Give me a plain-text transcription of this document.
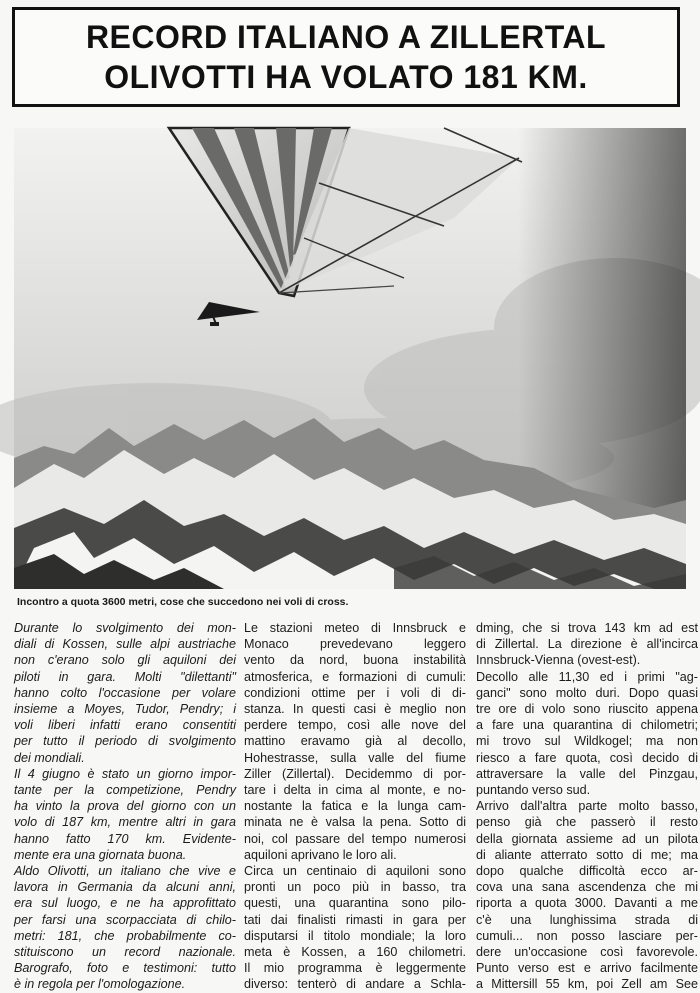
RECORD ITALIANO A ZILLERTAL
OLIVOTTI HA VOLATO 181 KM.
Incontro a quota 3600 metri, cose che succedono nei voli di cross.
Durante lo svolgimento dei mon-
diali di Kossen, sulle alpi austriache
non c'erano solo gli aquiloni dei
piloti in gara. Molti "dilettanti"
hanno colto l'occasione per volare
insieme a Moyes, Tudor, Pendry; i
voli liberi infatti erano consentiti
per tutto il periodo di svolgimento
dei mondiali.
Il 4 giugno è stato un giorno impor-
tante per la competizione, Pendry
ha vinto la prova del giorno con un
volo di 187 km, mentre altri in gara
hanno fatto 170 km. Evidente-
mente era una giornata buona.
Aldo Olivotti, un italiano che vive e
lavora in Germania da alcuni anni,
era sul luogo, e ne ha approfittato
per farsi una scorpacciata di chilo-
metri: 181, che probabilmente co-
stituiscono un record nazionale.
Barografo, foto e testimoni: tutto
è in regola per l'omologazione.
Le stazioni meteo di Innsbruck e
Monaco prevedevano leggero
vento da nord, buona instabilità
atmosferica, e formazioni di cumuli:
condizioni ottime per i voli di di-
stanza. In questi casi è meglio non
perdere tempo, così alle nove del
mattino eravamo già al decollo,
Hohestrasse, sulla valle del fiume
Ziller (Zillertal). Decidemmo di por-
tare i delta in cima al monte, e no-
nostante la fatica e la lunga cam-
minata ne è valsa la pena. Sotto di
noi, col passare del tempo numerosi
aquiloni aprivano le loro ali.
Circa un centinaio di aquiloni sono
pronti un poco più in basso, tra
questi, una quarantina sono pilo-
tati dai finalisti rimasti in gara per
disputarsi il titolo mondiale; la loro
meta è Kossen, a 160 chilometri.
Il mio programma è leggermente
diverso: tenterò di andare a Schla-
dming, che si trova 143 km ad est
di Zillertal. La direzione è all'incirca
Innsbruck-Vienna (ovest-est).
Decollo alle 11,30 ed i primi "ag-
ganci" sono molto duri. Dopo quasi
tre ore di volo sono riuscito appena
a fare una quarantina di chilometri;
mi trovo sul Wildkogel; ma non
riesco a fare quota, così decido di
attraversare la valle del Pinzgau,
puntando verso sud.
Arrivo dall'altra parte molto basso,
penso già che passerò il resto
della giornata assieme ad un pilota
di aliante atterrato sotto di me; ma
dopo qualche difficoltà ecco ar-
cova una sana ascendenza che mi
riporta a quota 3000. Davanti a me
c'è una lunghissima strada di
cumuli... non posso lasciare per-
dere un'occasione così favorevole.
Punto verso est e arrivo facilmente
a Mittersill 55 km, poi Zell am See
